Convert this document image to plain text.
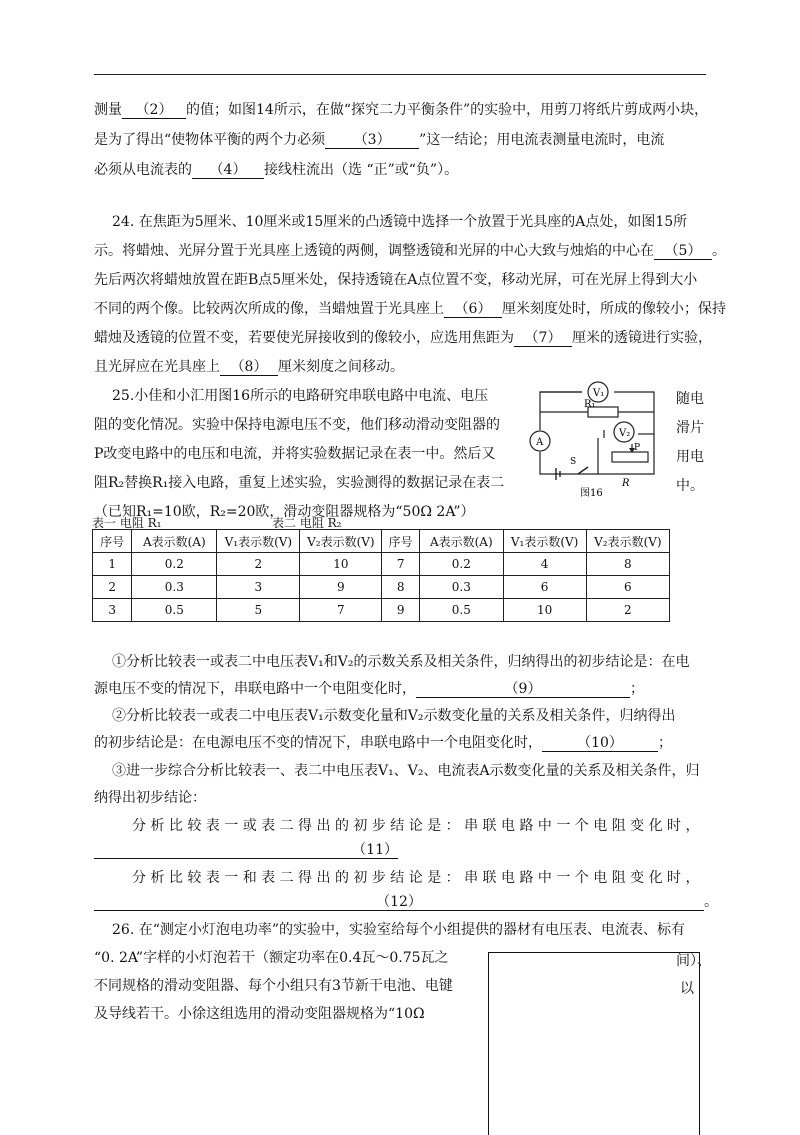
测量 （2） 的值；如图14所示，在做“探究二力平衡条件”的实验中，用剪刀将纸片剪成两小块，
是为了得出“使物体平衡的两个力必须 （3） ”这一结论；用电流表测量电流时，电流
必须从电流表的 （4） 接线柱流出（选 “正”或“负”）。
24. 在焦距为5厘米、10厘米或15厘米的凸透镜中选择一个放置于光具座的A点处，如图15所
示。将蜡烛、光屏分置于光具座上透镜的两侧，调整透镜和光屏的中心大致与烛焰的中心在 （5） 。
先后两次将蜡烛放置在距B点5厘米处，保持透镜在A点位置不变，移动光屏，可在光屏上得到大小
不同的两个像。比较两次所成的像，当蜡烛置于光具座上 （6） 厘米刻度处时，所成的像较小；保持
蜡烛及透镜的位置不变，若要使光屏接收到的像较小，应选用焦距为 （7） 厘米的透镜进行实验，
且光屏应在光具座上 （8） 厘米刻度之间移动。
25.小佳和小汇用图16所示的电路研究串联电路中电流、电压
阻的变化情况。实验中保持电源电压不变，他们移动滑动变阻器的
P改变电路中的电压和电流，并将实验数据记录在表一中。然后又
阻R₂替换R₁接入电路，重复上述实验，实验测得的数据记录在表二
（已知R₁=10欧，R₂=20欧，滑动变阻器规格为“50Ω 2A”）
随电
滑片
用电
中。
V₁
V₂
R₁
A
S
P
R
图16
表一 电阻 R₁	表二 电阻 R₂
序号	A表示数(A)	V₁表示数(V)	V₂表示数(V)	序号	A表示数(A)	V₁表示数(V)	V₂表示数(V)
1	0.2	2	10	7	0.2	4	8
2	0.3	3	9	8	0.3	6	6
3	0.5	5	7	9	0.5	10	2
①分析比较表一或表二中电压表V₁和V₂的示数关系及相关条件，归纳得出的初步结论是：在电
源电压不变的情况下，串联电路中一个电阻变化时，	（9）	；
②分析比较表一或表二中电压表V₁示数变化量和V₂示数变化量的关系及相关条件，归纳得出
的初步结论是：在电源电压不变的情况下，串联电路中一个电阻变化时，	（10）	；
③进一步综合分析比较表一、表二中电压表V₁、V₂、电流表A示数变化量的关系及相关条件，归
纳得出初步结论：
分 析 比 较 表 一 或 表 二 得 出 的 初 步 结 论 是 ： 串 联 电 路 中 一 个 电 阻 变 化 时 ，
（11）
分 析 比 较 表 一 和 表 二 得 出 的 初 步 结 论 是 ： 串 联 电 路 中 一 个 电 阻 变 化 时 ，
（12）	。
26. 在“测定小灯泡电功率”的实验中，实验室给每个小组提供的器材有电压表、电流表、标有
“0. 2A”字样的小灯泡若干（额定功率在0.4瓦～0.75瓦之	间）、
不同规格的滑动变阻器、每个小组只有3节新干电池、电键	以
及导线若干。小徐这组选用的滑动变阻器规格为“10Ω
